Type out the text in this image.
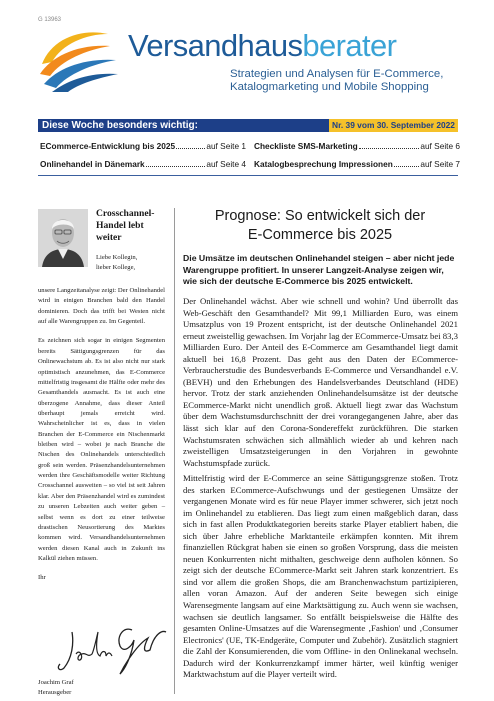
G 13963
Versandhausberater
Strategien und Analysen für E-Commerce,
Katalogmarketing und Mobile Shopping
Diese Woche besonders wichtig:	Nr. 39 vom 30. September 2022
ECommerce-Entwicklung bis 2025	auf Seite 1 Checkliste SMS-Marketing	auf Seite 6
Onlinehandel in Dänemark	auf Seite 4 Katalogbesprechung Impressionen	auf Seite 7
Crosschannel-
Handel lebt
weiter
Liebe Kollegin,
lieber Kollege,

unsere Langzeitanalyse zeigt: Der Onlinehandel wird in einigen Branchen bald den Handel dominieren. Doch das trifft bei Westen nicht auf alle Warengruppen zu. Im Gegenteil.

Es zeichnen sich sogar in einigen Segmenten bereits Sättigungsgrenzen für das Onlinewachstum ab. Es ist also nicht nur stark optimistisch anzunehmen, das E-Commerce mittelfristig insgesamt die Hälfte oder mehr des Gesamthandels ausmacht. Es ist auch eine überzogene Annahme, dass dieser Anteil überhaupt jemals erreicht wird. Wahrscheinlicher ist es, dass in vielen Branchen der E-Commerce ein Nischenmarkt bleiben wird – wobei je nach Branche die Nischen des Onlinehandels unterschiedlich groß sein werden. Präsenzhandelsunternehmen werden ihre Geschäftsmodelle weiter Richtung Crosschannel ausweiten – so viel ist seit Jahren klar. Aber den Präsenzhandel wird es zumindest zu unseren Lebzeiten auch weiter geben – selbst wenn es dort zu einer teilweise drastischen Neusortierung des Marktes kommen wird. Versandhandelsunternehmen werden diesen Kanal auch in Zukunft ins Kalkül ziehen müssen.

Ihr

Joachim Graf
Herausgeber
Prognose: So entwickelt sich der
E-Commerce bis 2025
Die Umsätze im deutschen Onlinehandel steigen – aber nicht jede Warengruppe profitiert. In unserer Langzeit-Analyse zeigen wir, wie sich der deutsche E-Commerce bis 2025 entwickelt.
Der Onlinehandel wächst. Aber wie schnell und wohin? Und überrollt das Web-Geschäft den Gesamthandel? Mit 99,1 Milliarden Euro, was einem Umsatzplus von 19 Prozent entspricht, ist der deutsche Onlinehandel 2021 erneut zweistellig gewachsen. Im Vorjahr lag der ECommerce-Umsatz bei 83,3 Milliarden Euro. Der Anteil des E-Commerce am Gesamthandel liegt damit aktuell bei 16,8 Prozent. Das geht aus den Daten der ECommerce-Verbraucherstudie des Bundesverbands E-Commerce und Versandhandel e.V. (BEVH) und den Erhebungen des Handelsverbandes Deutschland (HDE) hervor. Trotz der stark anziehenden Onlinehandelsumsätze ist der deutsche ECommerce-Markt nicht unendlich groß. Aktuell liegt zwar das Wachstum über dem Wachstumsdurchschnitt der drei vorangegangenen Jahre, aber das lässt sich klar auf den Corona-Sondereffekt zurückführen. Die starken Wachstumsraten schwächen sich allmählich wieder ab und kehren nach zweistelligen Umsatzsteigerungen in den Vorjahren in gewohnte Wachstumspfade zurück.
Mittelfristig wird der E-Commerce an seine Sättigungsgrenze stoßen. Trotz des starken ECommerce-Aufschwungs und der gestiegenen Umsätze der vergangenen Monate wird es für neue Player immer schwerer, sich jetzt noch im Onlinehandel zu etablieren. Das liegt zum einen maßgeblich daran, dass sich in fast allen Produktkategorien bereits starke Player etabliert haben, die sich über Jahre erhebliche Marktanteile erkämpfen konnten. Mit ihrem finanziellen Rückgrat haben sie einen so großen Vorsprung, dass die meisten neuen Konkurrenten nicht mithalten, geschweige denn aufholen können. So zeigt sich der deutsche ECommerce-Markt seit Jahren stark konzentriert. Es sind vor allem die großen Shops, die am Branchenwachstum partizipieren, allen voran Amazon. Auf der anderen Seite bewegen sich einige Warensegmente langsam auf eine Marktsättigung zu. Auch wenn sie wachsen, wachsen sie deutlich langsamer. So entfällt beispielsweise die Hälfte des gesamten Online-Umsatzes auf die Warensegmente ‚Fashion' und ‚Consumer Electronics' (UE, TK-Endgeräte, Computer und Zubehör). Zusätzlich stagniert die Zahl der Konsumierenden, die vom Offline- in den Onlinekanal wechseln. Dadurch wird der Konkurrenzkampf immer härter, weil künftig weniger Marktwachstum auf die Player verteilt wird.
